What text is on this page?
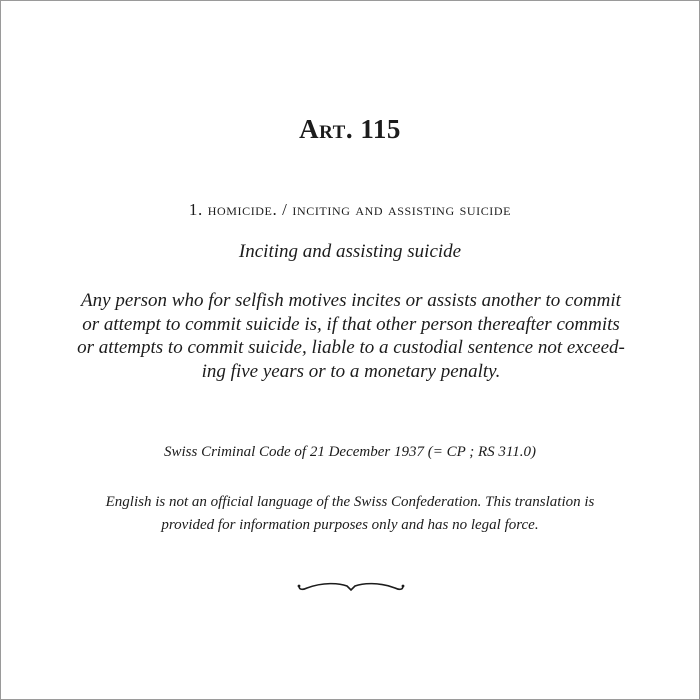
Art. 115
1. homicide. / inciting and assisting suicide
Inciting and assisting suicide
Any person who for selfish motives incites or assists another to commit
or attempt to commit suicide is, if that other person thereafter commits
or attempts to commit suicide, liable to a custodial sentence not exceed-
ing five years or to a monetary penalty.
Swiss Criminal Code of 21 December 1937 (= CP ; RS 311.0)
English is not an official language of the Swiss Confederation. This translation is
provided for information purposes only and has no legal force.
